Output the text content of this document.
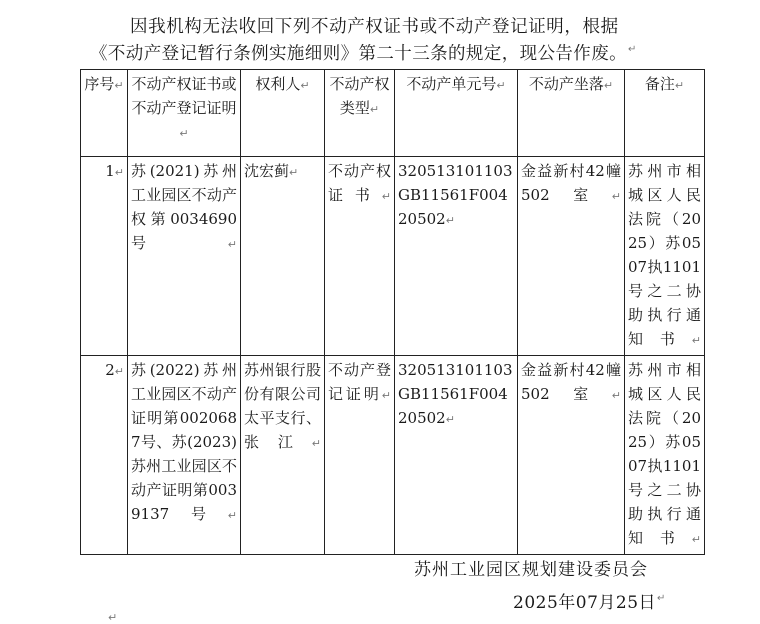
因我机构无法收回下列不动产权证书或不动产登记证明，根据
《不动产登记暂行条例实施细则》第二十三条的规定，现公告作废。↵
序号↵	不动产权证书或不动产登记证明↵	权利人↵	不动产权类型↵	不动产单元号↵	不动产坐落↵	备注↵
1↵	苏(2021)苏州工业园区不动产权第0034690号↵	沈宏蓟↵	不动产权证书↵	320513101103GB11561F00420502↵	金益新村42幢502室↵	苏州市相城区人民法院（2025）苏0507执1101号之二协助执行通知书↵
2↵	苏(2022)苏州工业园区不动产证明第0020687号、苏(2023)苏州工业园区不动产证明第0039137号↵	苏州银行股份有限公司太平支行、张江↵	不动产登记证明↵	320513101103GB11561F00420502↵	金益新村42幢502室↵	苏州市相城区人民法院（2025）苏0507执1101号之二协助执行通知书↵
苏州工业园区规划建设委员会
2025年07月25日↵
↵
